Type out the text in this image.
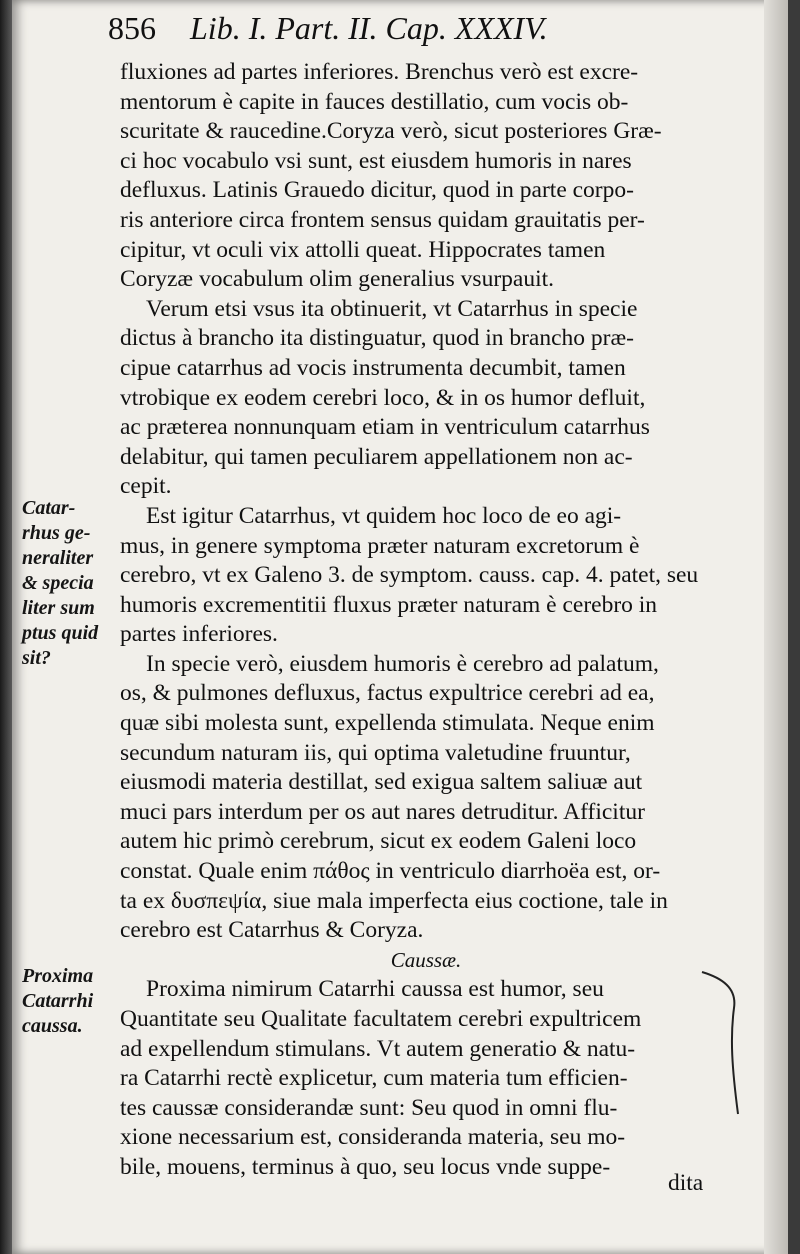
856 Lib. I. Part. II. Cap. XXXIV.
fluxiones ad partes inferiores. Brenchus verò est excre-
mentorum è capite in fauces destillatio, cum vocis ob-
scuritate & raucedine.Coryza verò, sicut posteriores Græ-
ci hoc vocabulo vsi sunt, est eiusdem humoris in nares
defluxus. Latinis Grauedo dicitur, quod in parte corpo-
ris anteriore circa frontem sensus quidam grauitatis per-
cipitur, vt oculi vix attolli queat. Hippocrates tamen
Coryzæ vocabulum olim generalius vsurpauit.
Verum etsi vsus ita obtinuerit, vt Catarrhus in specie
dictus à brancho ita distinguatur, quod in brancho præ-
cipue catarrhus ad vocis instrumenta decumbit, tamen
vtrobique ex eodem cerebri loco, & in os humor defluit,
ac præterea nonnunquam etiam in ventriculum catarrhus
delabitur, qui tamen peculiarem appellationem non ac-
cepit.
Est igitur Catarrhus, vt quidem hoc loco de eo agi-
mus, in genere symptoma præter naturam excretorum è
cerebro, vt ex Galeno 3. de symptom. causs. cap. 4. patet, seu
humoris excrementitii fluxus præter naturam è cerebro in
partes inferiores.
In specie verò, eiusdem humoris è cerebro ad palatum,
os, & pulmones defluxus, factus expultrice cerebri ad ea,
quæ sibi molesta sunt, expellenda stimulata. Neque enim
secundum naturam iis, qui optima valetudine fruuntur,
eiusmodi materia destillat, sed exigua saltem saliuæ aut
muci pars interdum per os aut nares detruditur. Afficitur
autem hic primò cerebrum, sicut ex eodem Galeni loco
constat. Quale enim πάθος in ventriculo diarrhoëa est, or-
ta ex δυσπεψία, siue mala imperfecta eius coctione, tale in
cerebro est Catarrhus & Coryza.
Caussæ.
Proxima nimirum Catarrhi caussa est humor, seu
Quantitate seu Qualitate facultatem cerebri expultricem
ad expellendum stimulans. Vt autem generatio & natu-
ra Catarrhi rectè explicetur, cum materia tum efficien-
tes caussæ considerandæ sunt: Seu quod in omni flu-
xione necessarium est, consideranda materia, seu mo-
bile, mouens, terminus à quo, seu locus vnde suppe-
Catar-
rhus ge-
neraliter
& specia
liter sum
ptus quid
sit?
Proxima
Catarrhi
caussa.
dita
